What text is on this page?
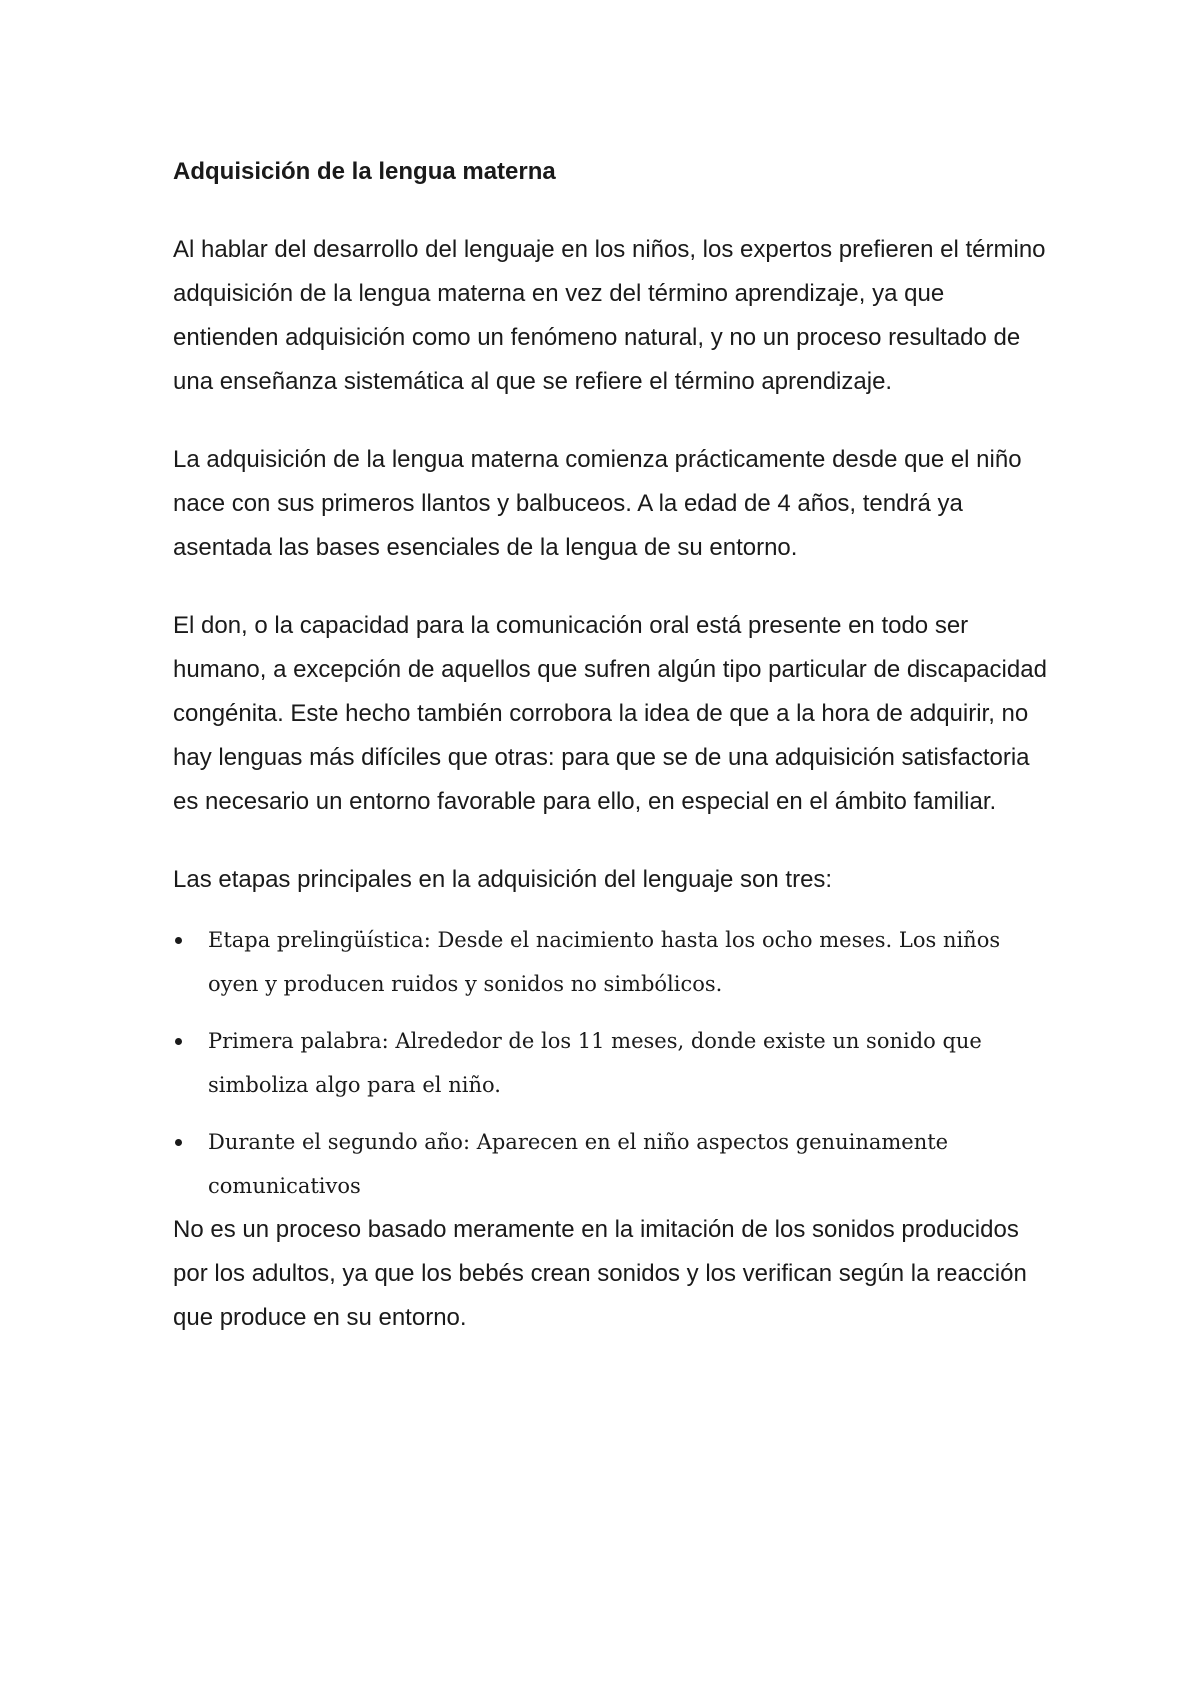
Adquisición de la lengua materna

Al hablar del desarrollo del lenguaje en los niños, los expertos prefieren el término adquisición de la lengua materna en vez del término aprendizaje, ya que entienden adquisición como un fenómeno natural, y no un proceso resultado de una enseñanza sistemática al que se refiere el término aprendizaje.

La adquisición de la lengua materna comienza prácticamente desde que el niño nace con sus primeros llantos y balbuceos. A la edad de 4 años, tendrá ya asentada las bases esenciales de la lengua de su entorno.

El don, o la capacidad para la comunicación oral está presente en todo ser humano, a excepción de aquellos que sufren algún tipo particular de discapacidad congénita. Este hecho también corrobora la idea de que a la hora de adquirir, no hay lenguas más difíciles que otras: para que se de una adquisición satisfactoria es necesario un entorno favorable para ello, en especial en el ámbito familiar.

Las etapas principales en la adquisición del lenguaje son tres:

Etapa prelingüística: Desde el nacimiento hasta los ocho meses. Los niños oyen y producen ruidos y sonidos no simbólicos.
Primera palabra: Alrededor de los 11 meses, donde existe un sonido que simboliza algo para el niño.
Durante el segundo año: Aparecen en el niño aspectos genuinamente comunicativos

No es un proceso basado meramente en la imitación de los sonidos producidos por los adultos, ya que los bebés crean sonidos y los verifican según la reacción que produce en su entorno.
